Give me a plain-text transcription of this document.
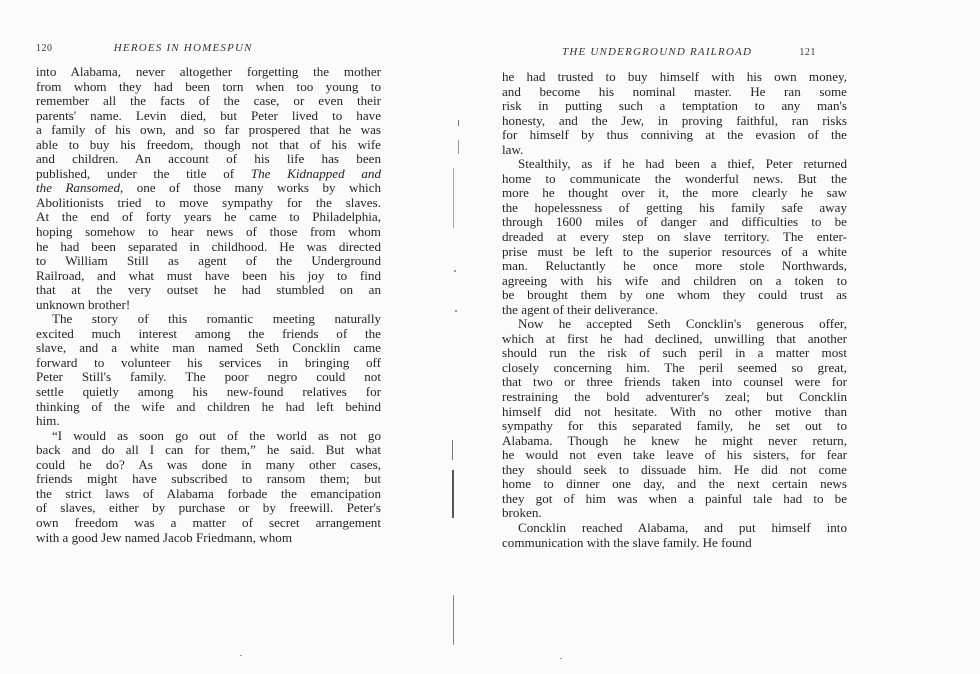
120	HEROES IN HOMESPUN
into Alabama, never altogether forgetting the mother
from whom they had been torn when too young to
remember all the facts of the case, or even their
parents' name. Levin died, but Peter lived to have
a family of his own, and so far prospered that he was
able to buy his freedom, though not that of his wife
and children. An account of his life has been
published, under the title of The Kidnapped and
the Ransomed, one of those many works by which
Abolitionists tried to move sympathy for the slaves.
At the end of forty years he came to Philadelphia,
hoping somehow to hear news of those from whom
he had been separated in childhood. He was directed
to William Still as agent of the Underground
Railroad, and what must have been his joy to find
that at the very outset he had stumbled on an
unknown brother!
The story of this romantic meeting naturally
excited much interest among the friends of the
slave, and a white man named Seth Concklin came
forward to volunteer his services in bringing off
Peter Still's family. The poor negro could not
settle quietly among his new-found relatives for
thinking of the wife and children he had left behind
him.
“I would as soon go out of the world as not go
back and do all I can for them,” he said. But what
could he do? As was done in many other cases,
friends might have subscribed to ransom them; but
the strict laws of Alabama forbade the emancipation
of slaves, either by purchase or by freewill. Peter's
own freedom was a matter of secret arrangement
with a good Jew named Jacob Friedmann, whom
THE UNDERGROUND RAILROAD	121
he had trusted to buy himself with his own money,
and become his nominal master. He ran some
risk in putting such a temptation to any man's
honesty, and the Jew, in proving faithful, ran risks
for himself by thus conniving at the evasion of the
law.
Stealthily, as if he had been a thief, Peter returned
home to communicate the wonderful news. But the
more he thought over it, the more clearly he saw
the hopelessness of getting his family safe away
through 1600 miles of danger and difficulties to be
dreaded at every step on slave territory. The enter-
prise must be left to the superior resources of a white
man. Reluctantly he once more stole Northwards,
agreeing with his wife and children on a token to
be brought them by one whom they could trust as
the agent of their deliverance.
Now he accepted Seth Concklin's generous offer,
which at first he had declined, unwilling that another
should run the risk of such peril in a matter most
closely concerning him. The peril seemed so great,
that two or three friends taken into counsel were for
restraining the bold adventurer's zeal; but Concklin
himself did not hesitate. With no other motive than
sympathy for this separated family, he set out to
Alabama. Though he knew he might never return,
he would not even take leave of his sisters, for fear
they should seek to dissuade him. He did not come
home to dinner one day, and the next certain news
they got of him was when a painful tale had to be
broken.
Concklin reached Alabama, and put himself into
communication with the slave family. He found
